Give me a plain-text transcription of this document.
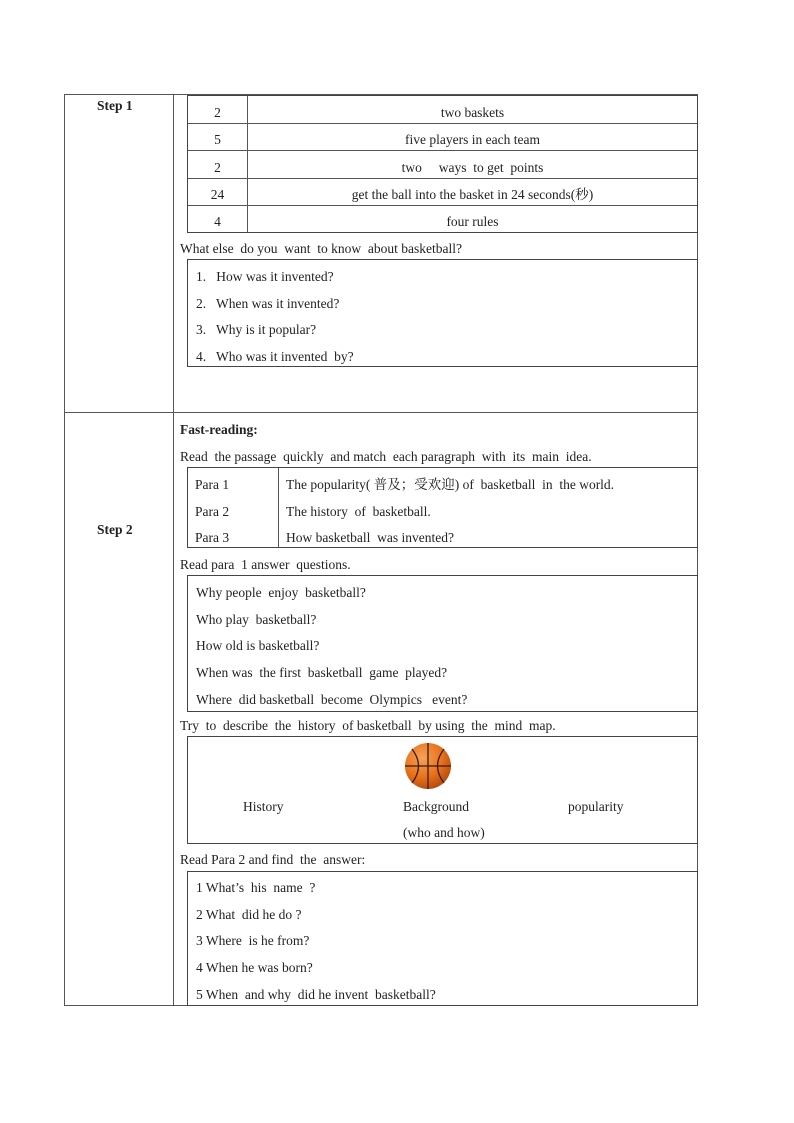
Step 1	2	two baskets
5	five players in each team
2	two     ways  to get  points
24	get the ball into the basket in 24 seconds(秒)
4	four rules
What else  do you  want  to know  about basketball?
1.   How was it invented?
2.   When was it invented?
3.   Why is it popular?
4.   Who was it invented  by?
Step 2
Fast-reading:
Read  the passage  quickly  and match  each paragraph  with  its  main  idea.
Para 1	The popularity( 普及；受欢迎) of  basketball  in  the world.
Para 2	The history  of  basketball.
Para 3	How basketball  was invented?
Read para  1 answer  questions.
Why people  enjoy  basketball?
Who play  basketball?
How old is basketball?
When was  the first  basketball  game  played?
Where  did basketball  become  Olympics   event?
Try  to  describe  the  history  of basketball  by using  the  mind  map.
History	Background	popularity
(who and how)
Read Para 2 and find  the  answer:
1 What’s  his  name  ?
2 What  did he do ?
3 Where  is he from?
4 When he was born?
5 When  and why  did he invent  basketball?
